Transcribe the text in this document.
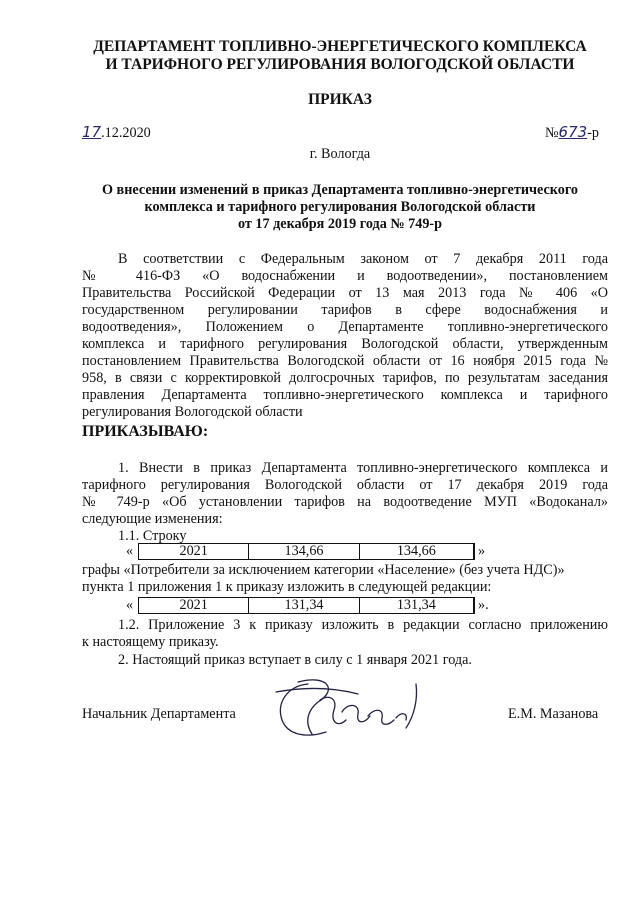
ДЕПАРТАМЕНТ ТОПЛИВНО-ЭНЕРГЕТИЧЕСКОГО КОМПЛЕКСА
И ТАРИФНОГО РЕГУЛИРОВАНИЯ ВОЛОГОДСКОЙ ОБЛАСТИ
ПРИКАЗ
17.12.2020	№673-р
г. Вологда
О внесении изменений в приказ Департамента топливно-энергетического
комплекса и тарифного регулирования Вологодской области
от 17 декабря 2019 года № 749-р
В соответствии с Федеральным законом от 7 декабря 2011 года
№ 416-ФЗ «О водоснабжении и водоотведении», постановлением
Правительства Российской Федерации от 13 мая 2013 года № 406 «О
государственном регулировании тарифов в сфере водоснабжения и
водоотведения», Положением о Департаменте топливно-энергетического
комплекса и тарифного регулирования Вологодской области, утвержденным
постановлением Правительства Вологодской области от 16 ноября 2015 года №
958, в связи с корректировкой долгосрочных тарифов, по результатам заседания
правления Департамента топливно-энергетического комплекса и тарифного
регулирования Вологодской области
ПРИКАЗЫВАЮ:
1. Внести в приказ Департамента топливно-энергетического комплекса и
тарифного регулирования Вологодской области от 17 декабря 2019 года
№ 749-р «Об установлении тарифов на водоотведение МУП «Водоканал»
следующие изменения:
1.1. Строку
«	2021	134,66	134,66	»
графы «Потребители за исключением категории «Население» (без учета НДС)»
пункта 1 приложения 1 к приказу изложить в следующей редакции:
«	2021	131,34	131,34	».
1.2. Приложение 3 к приказу изложить в редакции согласно приложению
к настоящему приказу.
2. Настоящий приказ вступает в силу с 1 января 2021 года.
Начальник Департамента	Е.М. Мазанова
